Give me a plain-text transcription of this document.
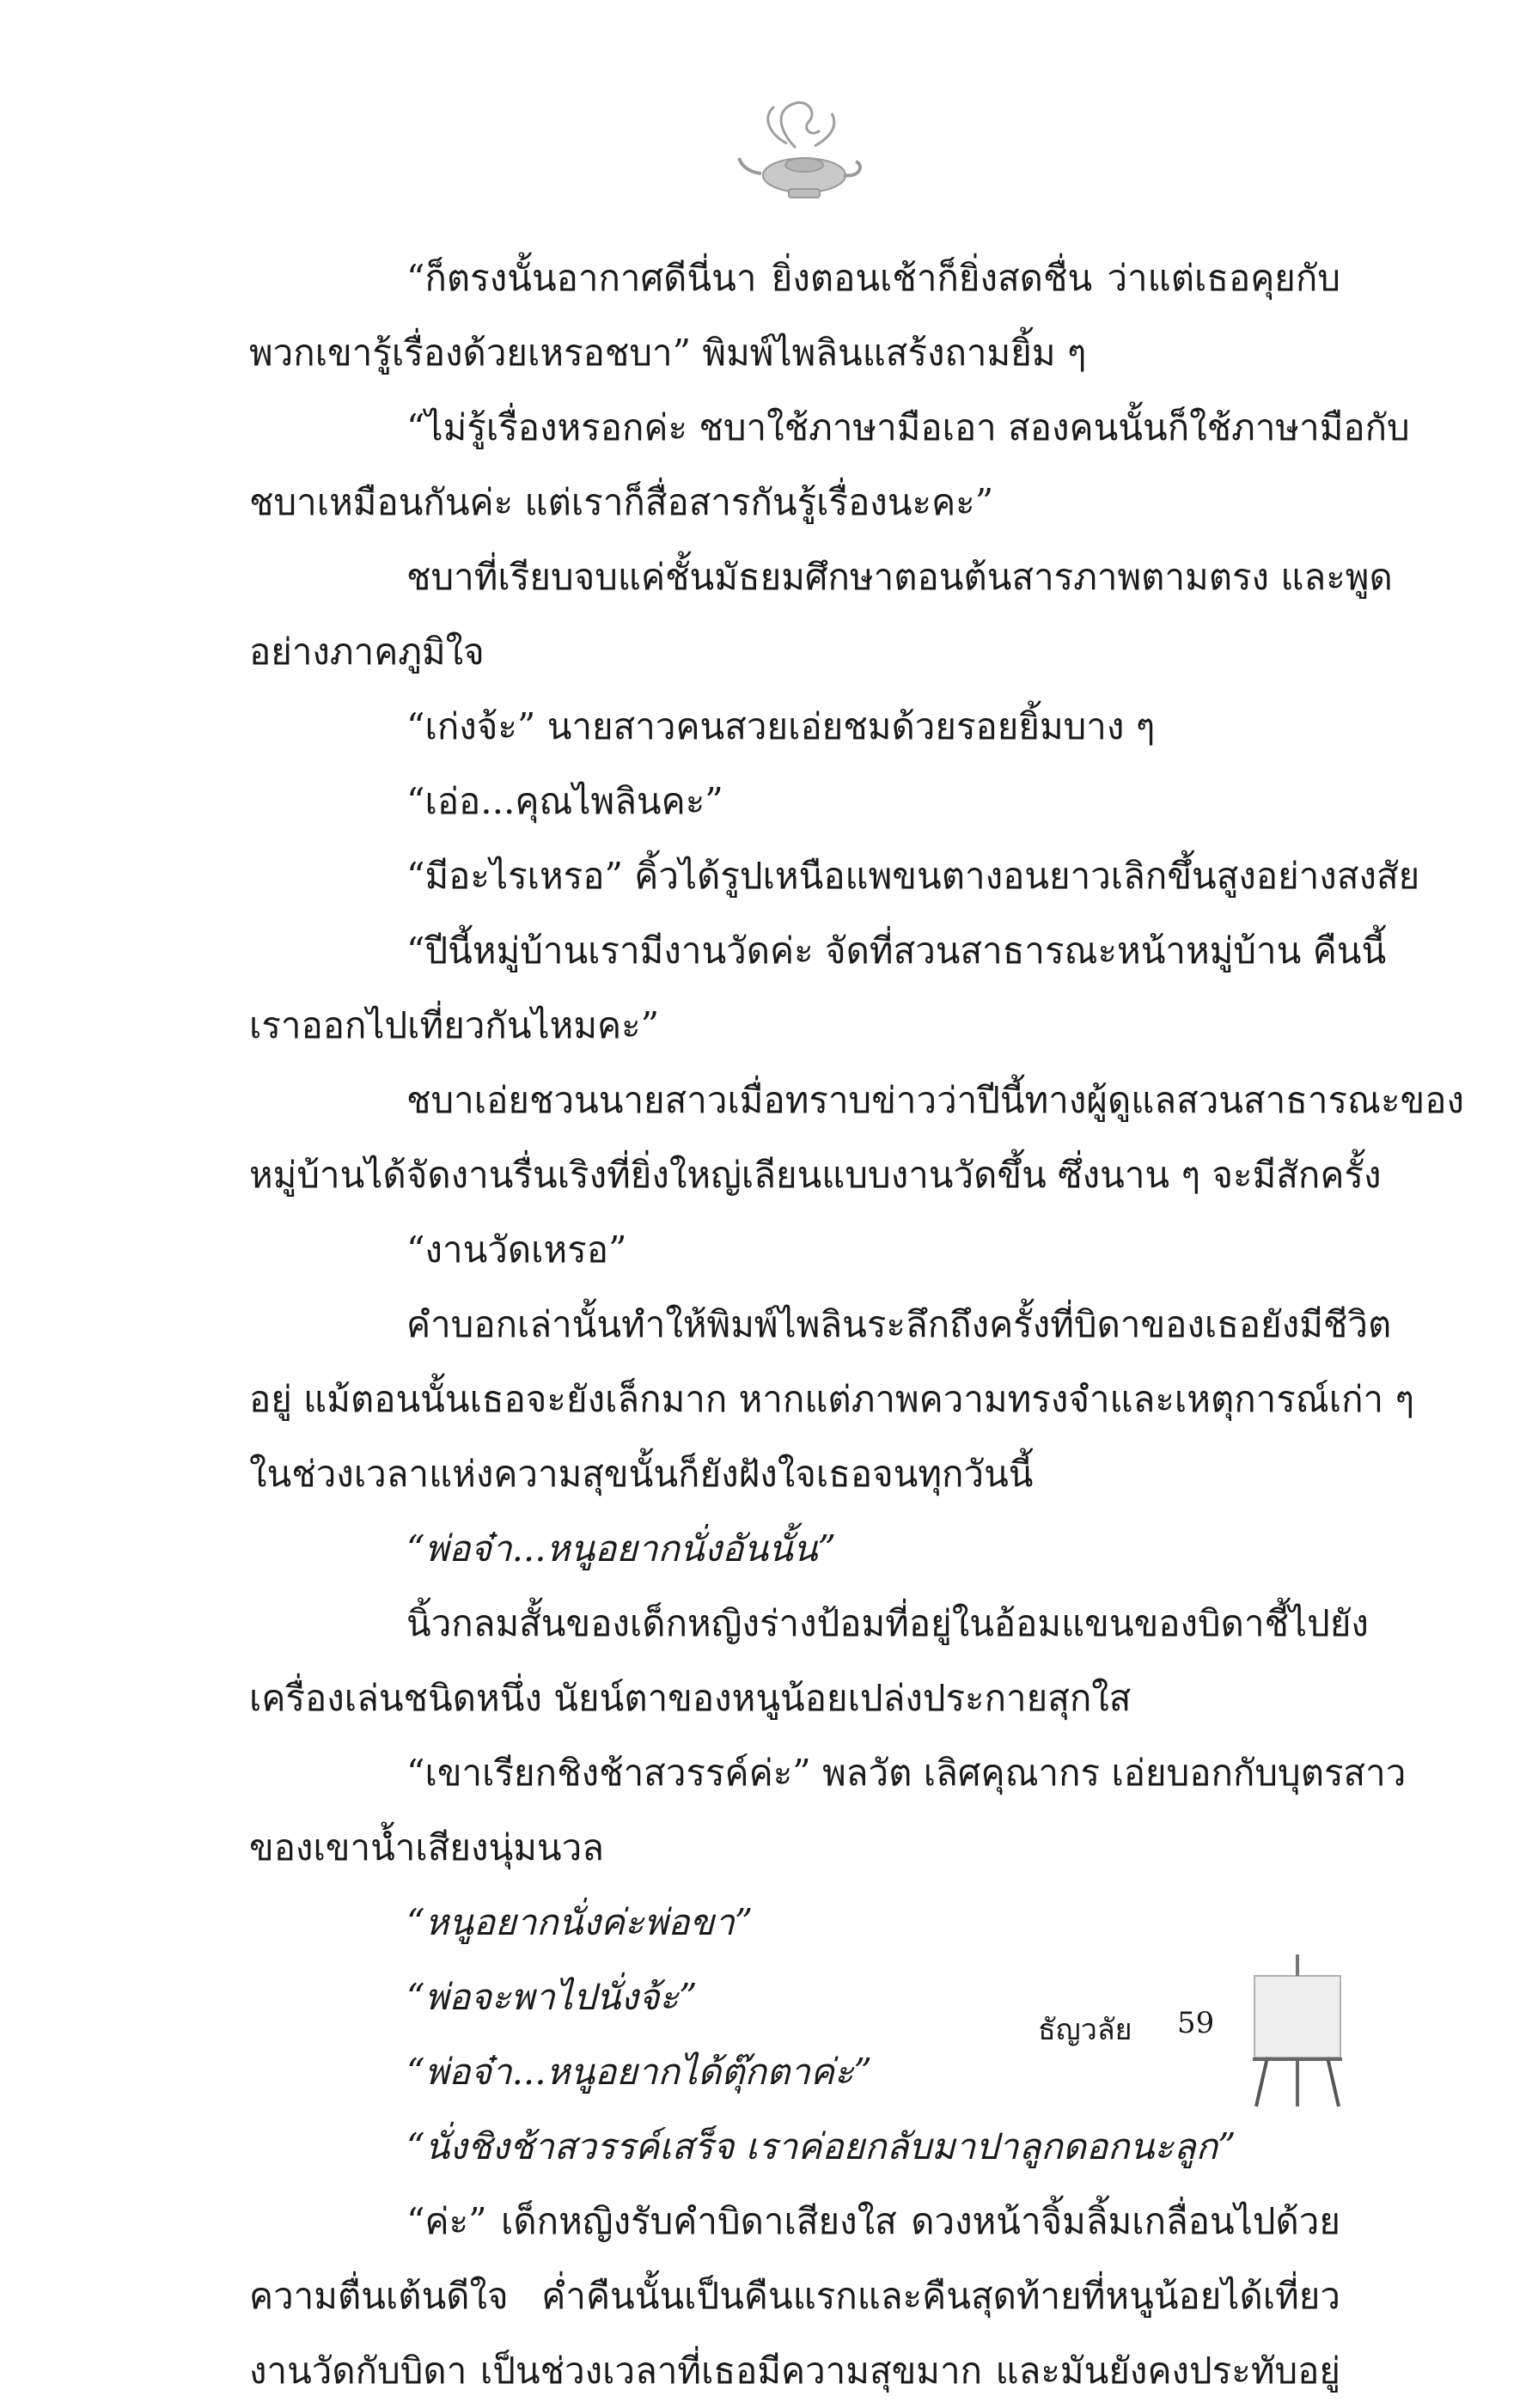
“ก็ตรงนั้นอากาศดีนี่นา ยิ่งตอนเช้าก็ยิ่งสดชื่น ว่าแต่เธอคุยกับ
พวกเขารู้เรื่องด้วยเหรอชบา” พิมพ์ไพลินแสร้งถามยิ้ม ๆ
“ไม่รู้เรื่องหรอกค่ะ ชบาใช้ภาษามือเอา สองคนนั้นก็ใช้ภาษามือกับ
ชบาเหมือนกันค่ะ แต่เราก็สื่อสารกันรู้เรื่องนะคะ”
ชบาที่เรียบจบแค่ชั้นมัธยมศึกษาตอนต้นสารภาพตามตรง และพูด
อย่างภาคภูมิใจ
“เก่งจ้ะ” นายสาวคนสวยเอ่ยชมด้วยรอยยิ้มบาง ๆ
“เอ่อ...คุณไพลินคะ”
“มีอะไรเหรอ” คิ้วได้รูปเหนือแพขนตางอนยาวเลิกขึ้นสูงอย่างสงสัย
“ปีนี้หมู่บ้านเรามีงานวัดค่ะ จัดที่สวนสาธารณะหน้าหมู่บ้าน คืนนี้
เราออกไปเที่ยวกันไหมคะ”
ชบาเอ่ยชวนนายสาวเมื่อทราบข่าวว่าปีนี้ทางผู้ดูแลสวนสาธารณะของ
หมู่บ้านได้จัดงานรื่นเริงที่ยิ่งใหญ่เลียนแบบงานวัดขึ้น ซึ่งนาน ๆ จะมีสักครั้ง
“งานวัดเหรอ”
คำบอกเล่านั้นทำให้พิมพ์ไพลินระลึกถึงครั้งที่บิดาของเธอยังมีชีวิต
อยู่ แม้ตอนนั้นเธอจะยังเล็กมาก หากแต่ภาพความทรงจำและเหตุการณ์เก่า ๆ
ในช่วงเวลาแห่งความสุขนั้นก็ยังฝังใจเธอจนทุกวันนี้
“พ่อจ๋า...หนูอยากนั่งอันนั้น”
นิ้วกลมสั้นของเด็กหญิงร่างป้อมที่อยู่ในอ้อมแขนของบิดาชี้ไปยัง
เครื่องเล่นชนิดหนึ่ง นัยน์ตาของหนูน้อยเปล่งประกายสุกใส
“เขาเรียกชิงช้าสวรรค์ค่ะ” พลวัต เลิศคุณากร เอ่ยบอกกับบุตรสาว
ของเขาน้ำเสียงนุ่มนวล
“หนูอยากนั่งค่ะพ่อขา”
“พ่อจะพาไปนั่งจ้ะ”
“พ่อจ๋า...หนูอยากได้ตุ๊กตาค่ะ”
“นั่งชิงช้าสวรรค์เสร็จ เราค่อยกลับมาปาลูกดอกนะลูก”
“ค่ะ” เด็กหญิงรับคำบิดาเสียงใส ดวงหน้าจิ้มลิ้มเกลื่อนไปด้วย
ความตื่นเต้นดีใจ ค่ำคืนนั้นเป็นคืนแรกและคืนสุดท้ายที่หนูน้อยได้เที่ยว
งานวัดกับบิดา เป็นช่วงเวลาที่เธอมีความสุขมาก และมันยังคงประทับอยู่
ธัญวลัย 59
